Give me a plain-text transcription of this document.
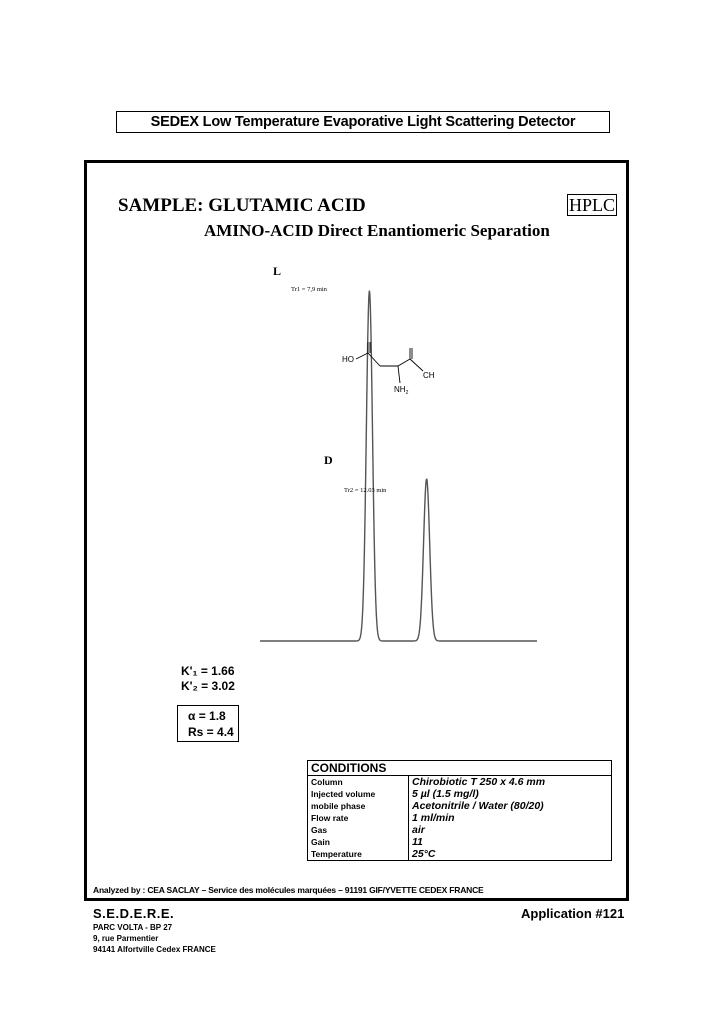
SEDEX Low Temperature Evaporative Light Scattering Detector
SAMPLE: GLUTAMIC ACID	HPLC
AMINO-ACID Direct Enantiomeric Separation
L
Tr1 = 7,9 min
D
Tr2 = 12.03 min
HO
CH
$NH_2$
K'₁ = 1.66
K'₂ = 3.02
α = 1.8
Rs = 4.4
CONDITIONS	
Column	Chirobiotic T 250 x 4.6 mm
Injected volume	5 µl (1.5 mg/l)
mobile phase	Acetonitrile / Water (80/20)
Flow rate	1 ml/min
Gas	air
Gain	11
Temperature	25°C
Analyzed by : CEA SACLAY – Service des molécules marquées – 91191 GIF/YVETTE CEDEX FRANCE
S.E.D.E.R.E.	Application #121
PARC VOLTA - BP 27
9, rue Parmentier
94141 Alfortville Cedex FRANCE
